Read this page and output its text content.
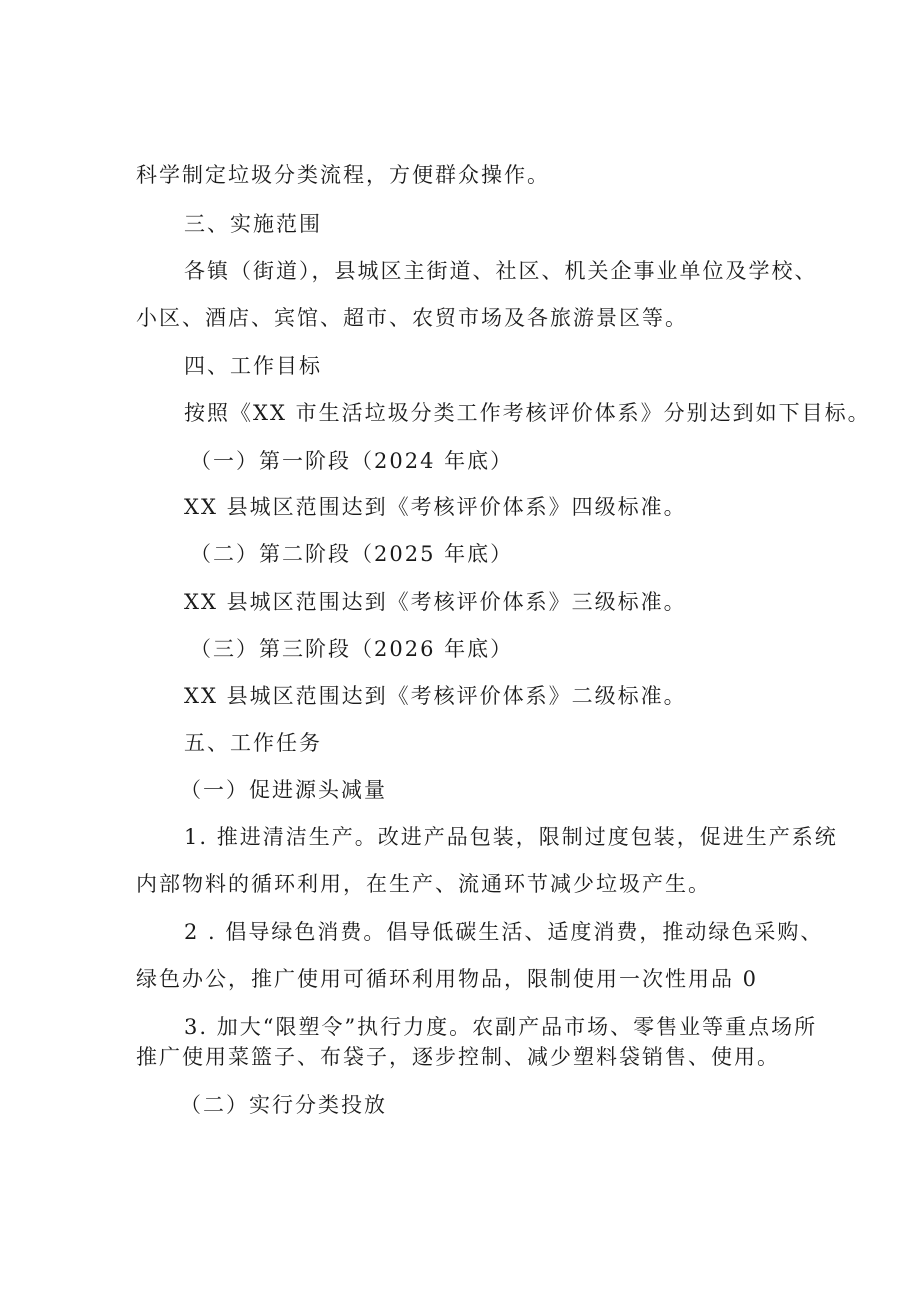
科学制定垃圾分类流程，方便群众操作。
三、实施范围
各镇（街道），县城区主街道、社区、机关企事业单位及学校、
小区、酒店、宾馆、超市、农贸市场及各旅游景区等。
四、工作目标
按照《XX 市生活垃圾分类工作考核评价体系》分别达到如下目标。
（一）第一阶段（2024 年底）
XX 县城区范围达到《考核评价体系》四级标准。
（二）第二阶段（2025 年底）
XX 县城区范围达到《考核评价体系》三级标准。
（三）第三阶段（2026 年底）
XX 县城区范围达到《考核评价体系》二级标准。
五、工作任务
（一）促进源头减量
1. 推进清洁生产。改进产品包装，限制过度包装，促进生产系统
内部物料的循环利用，在生产、流通环节减少垃圾产生。
2 . 倡导绿色消费。倡导低碳生活、适度消费，推动绿色采购、
绿色办公，推广使用可循环利用物品，限制使用一次性用品 0
3. 加大“限塑令”执行力度。农副产品市场、零售业等重点场所
推广使用菜篮子、布袋子，逐步控制、减少塑料袋销售、使用。
（二）实行分类投放
